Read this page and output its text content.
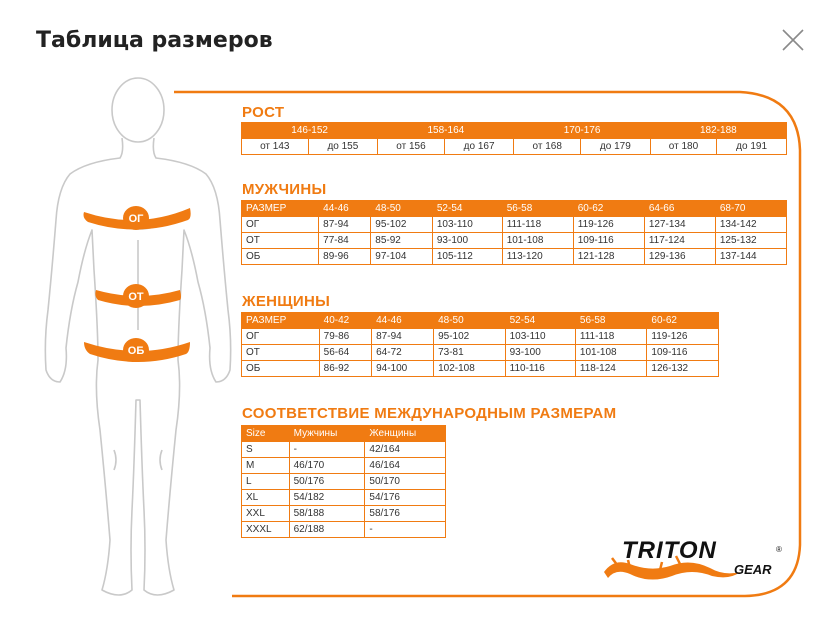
Таблица размеров
ОГ
ОТ
ОБ
РОСТ
146-152		158-164		170-176		182-188	
от 143	до 155	от 156	до 167	от 168	до 179	от 180	до 191
МУЖЧИНЫ
РАЗМЕР	44-46	48-50	52-54	56-58	60-62	64-66	68-70
ОГ	87-94	95-102	103-110	111-118	119-126	127-134	134-142
ОТ	77-84	85-92	93-100	101-108	109-116	117-124	125-132
ОБ	89-96	97-104	105-112	113-120	121-128	129-136	137-144
ЖЕНЩИНЫ
РАЗМЕР	40-42	44-46	48-50	52-54	56-58	60-62
ОГ	79-86	87-94	95-102	103-110	111-118	119-126
ОТ	56-64	64-72	73-81	93-100	101-108	109-116
ОБ	86-92	94-100	102-108	110-116	118-124	126-132
СООТВЕТСТВИЕ МЕЖДУНАРОДНЫМ РАЗМЕРАМ
Size	Мужчины	Женщины
S	-	42/164
M	46/170	46/164
L	50/176	50/170
XL	54/182	54/176
XXL	58/188	58/176
XXXL	62/188	-
TRITON	®
GEAR
